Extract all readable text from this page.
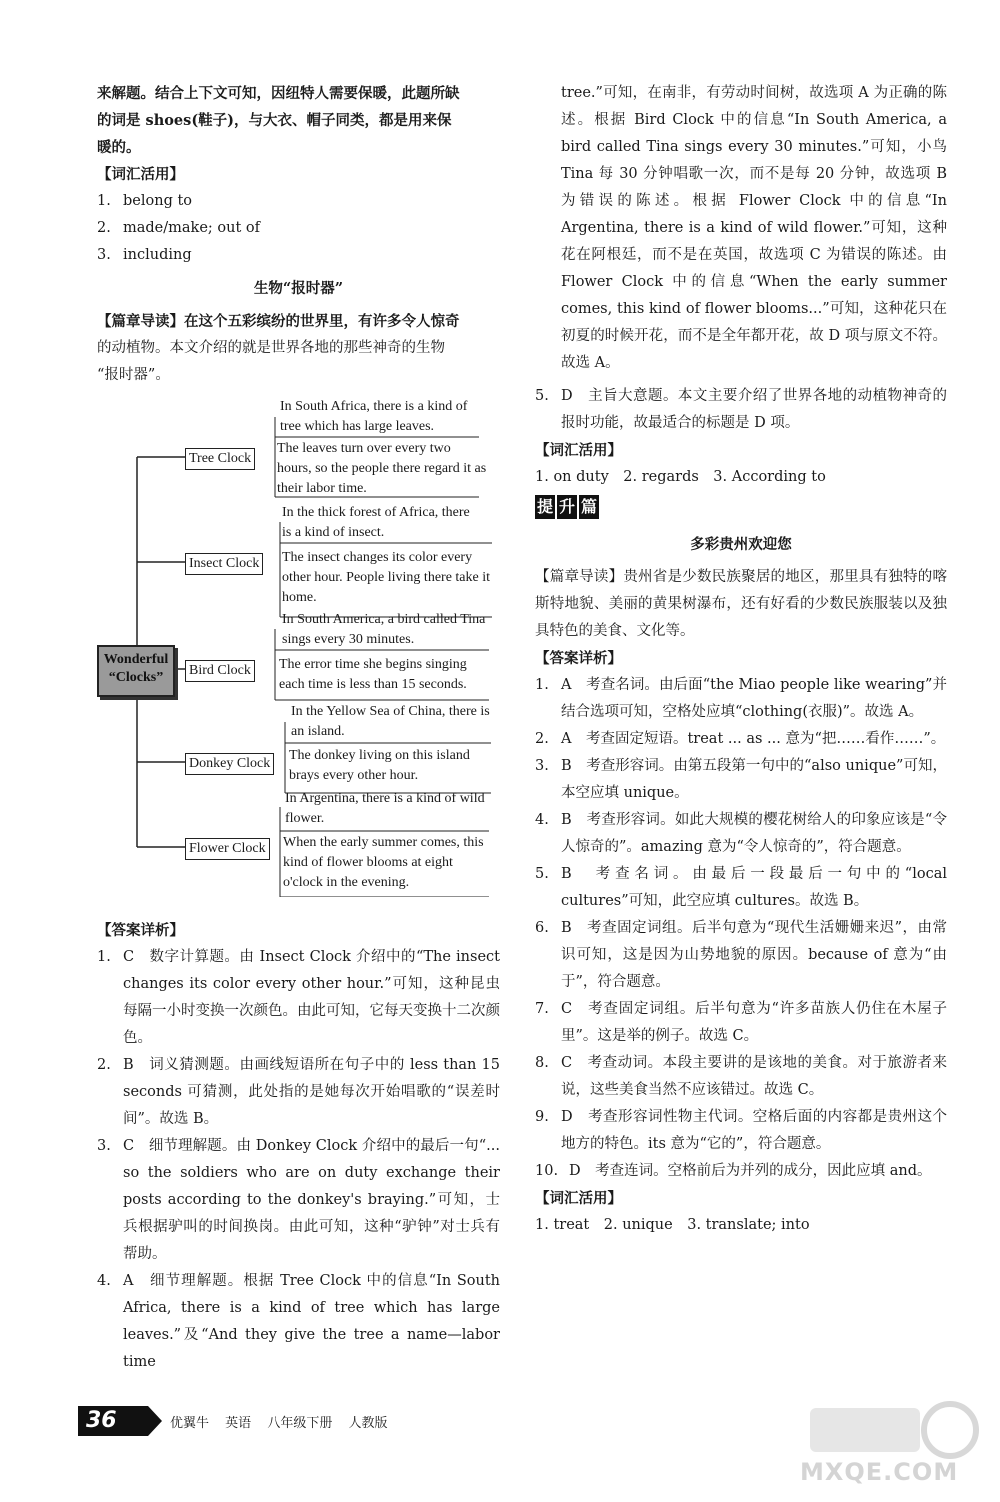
来解题。结合上下文可知，因纽特人需要保暖，此题所缺

的词是 shoes(鞋子)，与大衣、帽子同类，都是用来保

暖的。

【词汇活用】

1. belong to

2. made/make; out of

3. including

生物“报时器”

【篇章导读】在这个五彩缤纷的世界里，有许多令人惊奇

的动植物。本文介绍的就是世界各地的那些神奇的生物

“报时器”。

Wonderful “Clocks”
Tree Clock
In South Africa, there is a kind of tree which has large leaves.
The leaves turn over every two hours, so the people there regard it as their labor time.
Insect Clock
In the thick forest of Africa, there is a kind of insect.
The insect changes its color every other hour. People living there take it home.
Bird Clock
In South America, a bird called Tina sings every 30 minutes.
The error time she begins singing each time is less than 15 seconds.
Donkey Clock
In the Yellow Sea of China, there is an island.
The donkey living on this island brays every other hour.
Flower Clock
In Argentina, there is a kind of wild flower.
When the early summer comes, this kind of flower blooms at eight o'clock in the evening.

【答案详析】

1. C　数字计算题。由 Insect Clock 介绍中的“The insect changes its color every other hour.”可知，这种昆虫每隔一小时变换一次颜色。由此可知，它每天变换十二次颜色。

2. B　词义猜测题。由画线短语所在句子中的 less than 15 seconds 可猜测，此处指的是她每次开始唱歌的“误差时间”。故选 B。

3. C　细节理解题。由 Donkey Clock 介绍中的最后一句“... so the soldiers who are on duty exchange their posts according to the donkey's braying.”可知，士兵根据驴叫的时间换岗。由此可知，这种“驴钟”对士兵有帮助。

4. A　细节理解题。根据 Tree Clock 中的信息“In South Africa, there is a kind of tree which has large leaves.”及“And they give the tree a name—labor time

tree.”可知，在南非，有劳动时间树，故选项 A 为正确的陈述。根据 Bird Clock 中的信息“In South America, a bird called Tina sings every 30 minutes.”可知，小鸟 Tina 每 30 分钟唱歌一次，而不是每 20 分钟，故选项 B 为错误的陈述。根据 Flower Clock 中的信息“In Argentina, there is a kind of wild flower.”可知，这种花在阿根廷，而不是在英国，故选项 C 为错误的陈述。由 Flower Clock 中的信息“When the early summer comes, this kind of flower blooms...”可知，这种花只在初夏的时候开花，而不是全年都开花，故 D 项与原文不符。故选 A。

5. D　主旨大意题。本文主要介绍了世界各地的动植物神奇的报时功能，故最适合的标题是 D 项。

【词汇活用】

1. on duty　2. regards　3. According to

提 升 篇

多彩贵州欢迎您

【篇章导读】贵州省是少数民族聚居的地区，那里具有独特的喀斯特地貌、美丽的黄果树瀑布，还有好看的少数民族服装以及独具特色的美食、文化等。

【答案详析】

1. A　考查名词。由后面“the Miao people like wearing”并结合选项可知，空格处应填“clothing(衣服)”。故选 A。

2. A　考查固定短语。treat ... as ... 意为“把……看作……”。

3. B　考查形容词。由第五段第一句中的“also unique”可知，本空应填 unique。

4. B　考查形容词。如此大规模的樱花树给人的印象应该是“令人惊奇的”。amazing 意为“令人惊奇的”，符合题意。

5. B　考查名词。由最后一段最后一句中的“local cultures”可知，此空应填 cultures。故选 B。

6. B　考查固定词组。后半句意为“现代生活姗姗来迟”，由常识可知，这是因为山势地貌的原因。because of 意为“由于”，符合题意。

7. C　考查固定词组。后半句意为“许多苗族人仍住在木屋子里”。这是举的例子。故选 C。

8. C　考查动词。本段主要讲的是该地的美食。对于旅游者来说，这些美食当然不应该错过。故选 C。

9. D　考查形容词性物主代词。空格后面的内容都是贵州这个地方的特色。its 意为“它的”，符合题意。

10. D　考查连词。空格前后为并列的成分，因此应填 and。

【词汇活用】

1. treat　2. unique　3. translate; into

36	优翼牛 英语 八年级下册 人教版
MXQE.COM
